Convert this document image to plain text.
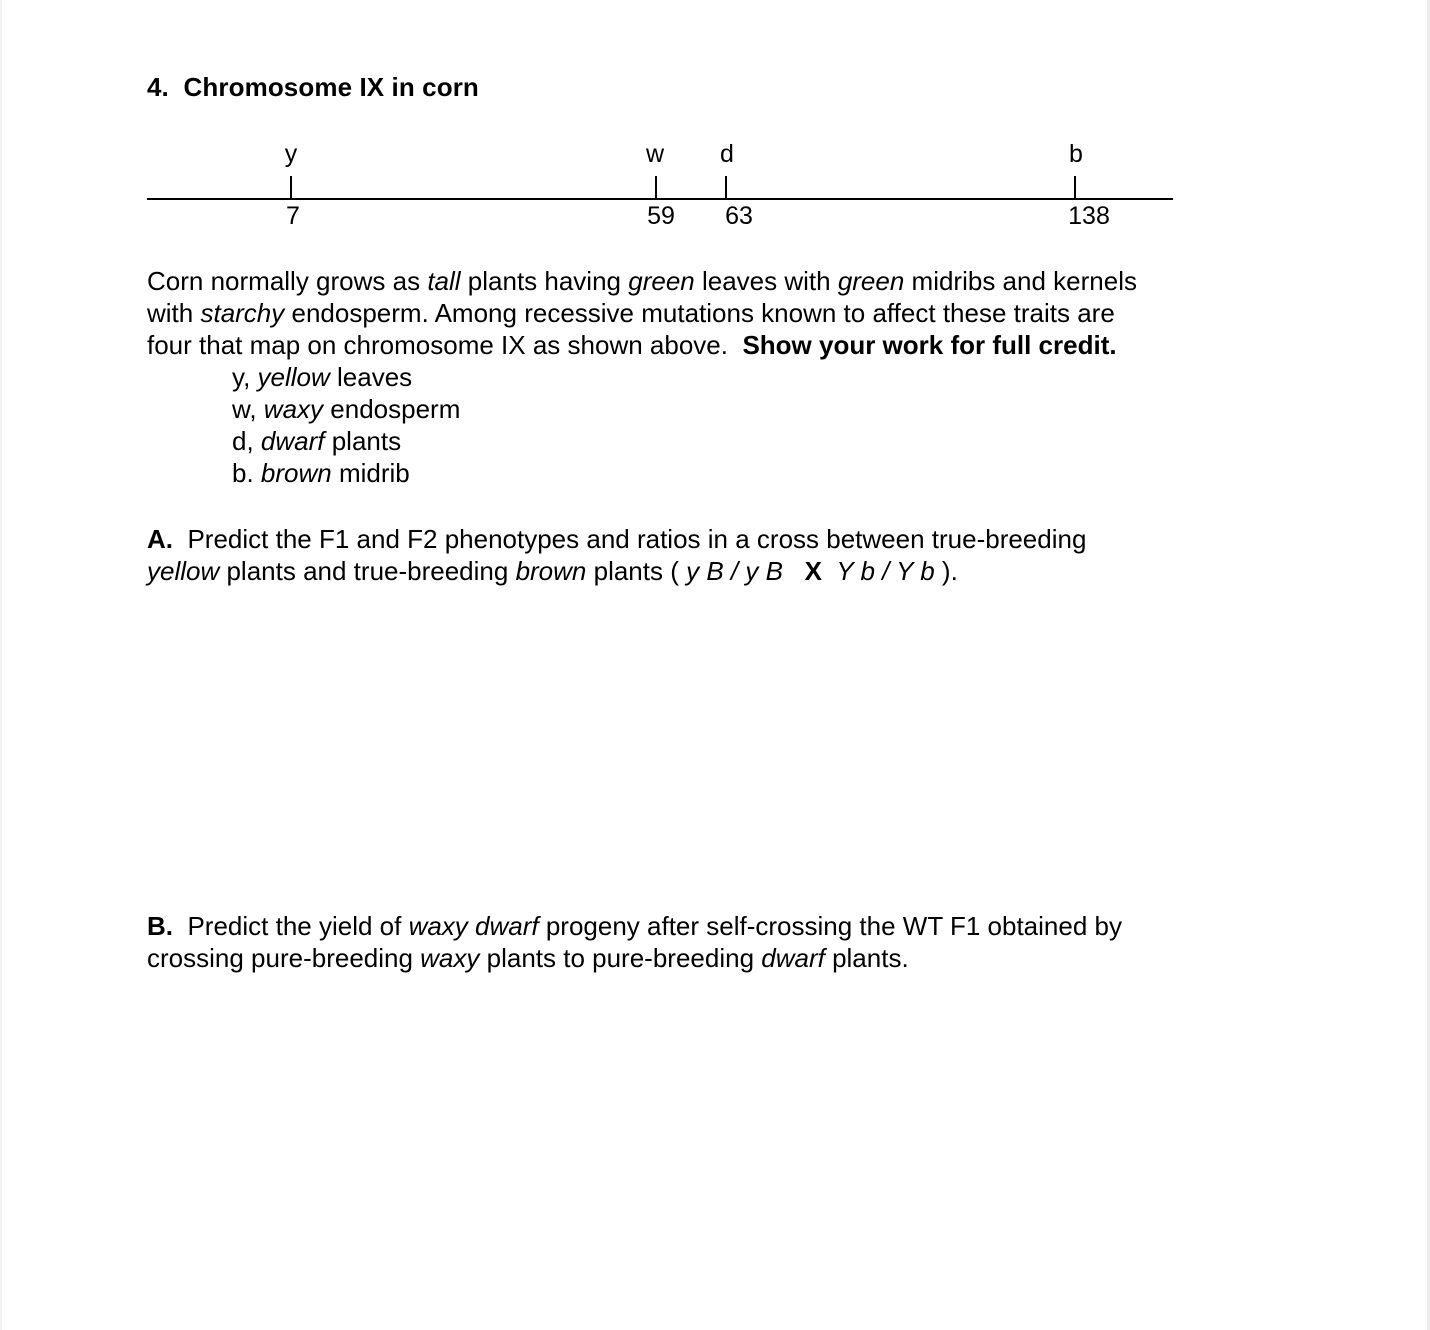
4. Chromosome IX in corn
y
7
w
59
d
63
b
138
Corn normally grows as tall plants having green leaves with green midribs and kernels
with starchy endosperm. Among recessive mutations known to affect these traits are
four that map on chromosome IX as shown above.  Show your work for full credit.
y, yellow leaves
w, waxy endosperm
d, dwarf plants
b. brown midrib
A.  Predict the F1 and F2 phenotypes and ratios in a cross between true-breeding
yellow plants and true-breeding brown plants ( y B / y B X Y b / Y b ).
B.  Predict the yield of waxy dwarf progeny after self-crossing the WT F1 obtained by
crossing pure-breeding waxy plants to pure-breeding dwarf plants.
